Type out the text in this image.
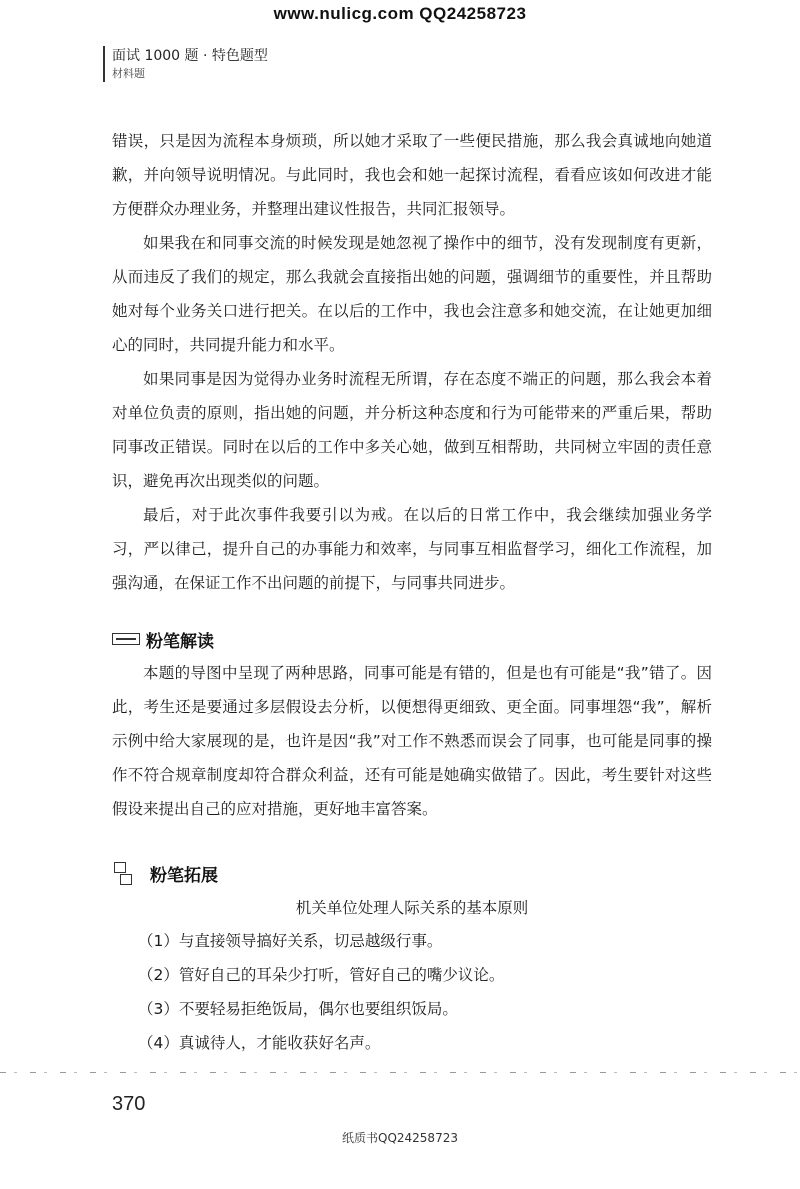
www.nulicg.com QQ24258723
面试 1000 题 · 特色题型
材料题

错误，只是因为流程本身烦琐，所以她才采取了一些便民措施，那么我会真诚地向她道歉，并向领导说明情况。与此同时，我也会和她一起探讨流程，看看应该如何改进才能方便群众办理业务，并整理出建议性报告，共同汇报领导。

如果我在和同事交流的时候发现是她忽视了操作中的细节，没有发现制度有更新，从而违反了我们的规定，那么我就会直接指出她的问题，强调细节的重要性，并且帮助她对每个业务关口进行把关。在以后的工作中，我也会注意多和她交流，在让她更加细心的同时，共同提升能力和水平。

如果同事是因为觉得办业务时流程无所谓，存在态度不端正的问题，那么我会本着对单位负责的原则，指出她的问题，并分析这种态度和行为可能带来的严重后果，帮助同事改正错误。同时在以后的工作中多关心她，做到互相帮助，共同树立牢固的责任意识，避免再次出现类似的问题。

最后，对于此次事件我要引以为戒。在以后的日常工作中，我会继续加强业务学习，严以律己，提升自己的办事能力和效率，与同事互相监督学习，细化工作流程，加强沟通，在保证工作不出问题的前提下，与同事共同进步。

粉笔解读

本题的导图中呈现了两种思路，同事可能是有错的，但是也有可能是“我”错了。因此，考生还是要通过多层假设去分析，以便想得更细致、更全面。同事埋怨“我”，解析示例中给大家展现的是，也许是因“我”对工作不熟悉而误会了同事，也可能是同事的操作不符合规章制度却符合群众利益，还有可能是她确实做错了。因此，考生要针对这些假设来提出自己的应对措施，更好地丰富答案。

粉笔拓展

机关单位处理人际关系的基本原则

（1）与直接领导搞好关系，切忌越级行事。

（2）管好自己的耳朵少打听，管好自己的嘴少议论。

（3）不要轻易拒绝饭局，偶尔也要组织饭局。

（4）真诚待人，才能收获好名声。

370
纸质书QQ24258723
